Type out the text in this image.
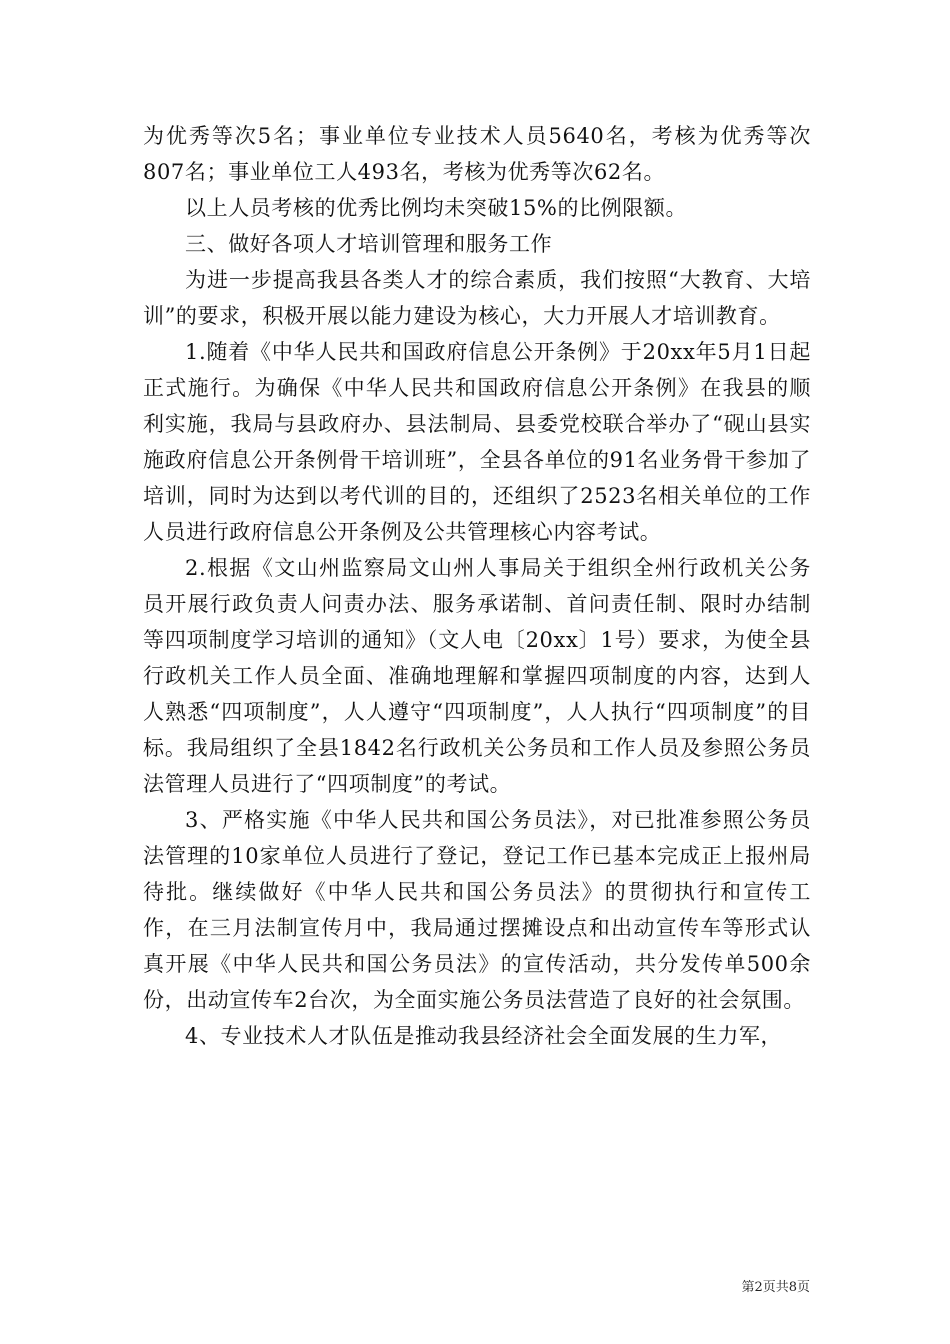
为优秀等次5名；事业单位专业技术人员5640名，考核为优秀等次807名；事业单位工人493名，考核为优秀等次62名。

以上人员考核的优秀比例均未突破15%的比例限额。

三、做好各项人才培训管理和服务工作

为进一步提高我县各类人才的综合素质，我们按照“大教育、大培训”的要求，积极开展以能力建设为核心，大力开展人才培训教育。

1.随着《中华人民共和国政府信息公开条例》于20xx年5月1日起正式施行。为确保《中华人民共和国政府信息公开条例》在我县的顺利实施，我局与县政府办、县法制局、县委党校联合举办了“砚山县实施政府信息公开条例骨干培训班”，全县各单位的91名业务骨干参加了培训，同时为达到以考代训的目的，还组织了2523名相关单位的工作人员进行政府信息公开条例及公共管理核心内容考试。

2.根据《文山州监察局文山州人事局关于组织全州行政机关公务员开展行政负责人问责办法、服务承诺制、首问责任制、限时办结制等四项制度学习培训的通知》（文人电〔20xx〕1号）要求，为使全县行政机关工作人员全面、准确地理解和掌握四项制度的内容，达到人人熟悉“四项制度”，人人遵守“四项制度”，人人执行“四项制度”的目标。我局组织了全县1842名行政机关公务员和工作人员及参照公务员法管理人员进行了“四项制度”的考试。

3、严格实施《中华人民共和国公务员法》，对已批准参照公务员法管理的10家单位人员进行了登记，登记工作已基本完成正上报州局待批。继续做好《中华人民共和国公务员法》的贯彻执行和宣传工作，在三月法制宣传月中，我局通过摆摊设点和出动宣传车等形式认真开展《中华人民共和国公务员法》的宣传活动，共分发传单500余份，出动宣传车2台次，为全面实施公务员法营造了良好的社会氛围。

4、专业技术人才队伍是推动我县经济社会全面发展的生力军，

第2页共8页
